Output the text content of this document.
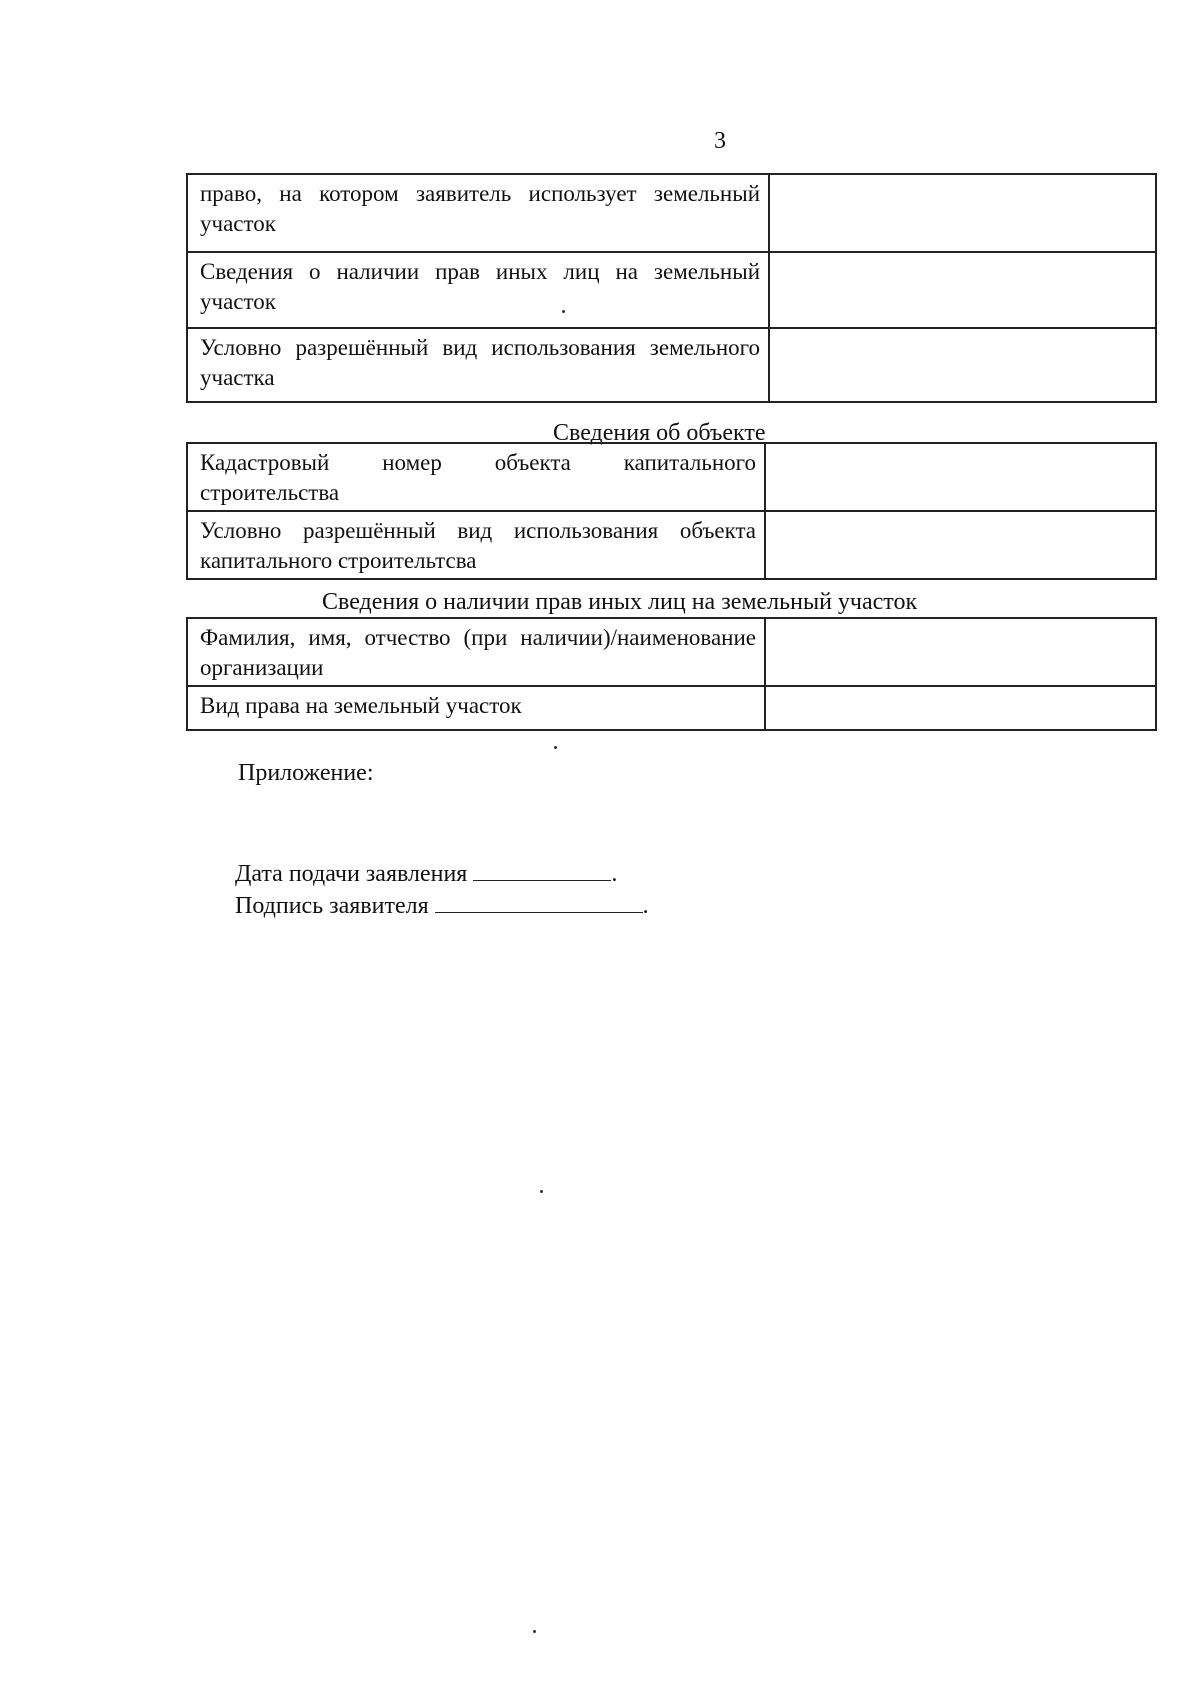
3
право, на котором заявитель использует земельный участок	
Сведения о наличии прав иных лиц на земельный участок	
Условно разрешённый вид использования земельного участка	
Сведения об объекте
Кадастровый номер объекта капитального строительства	
Условно разрешённый вид использования объекта капитального строительтсва	
Сведения о наличии прав иных лиц на земельный участок
Фамилия, имя, отчество (при наличии)/наименование организации	
Вид права на земельный участок	
Приложение:
Дата подачи заявления	.
Подпись заявителя	.
